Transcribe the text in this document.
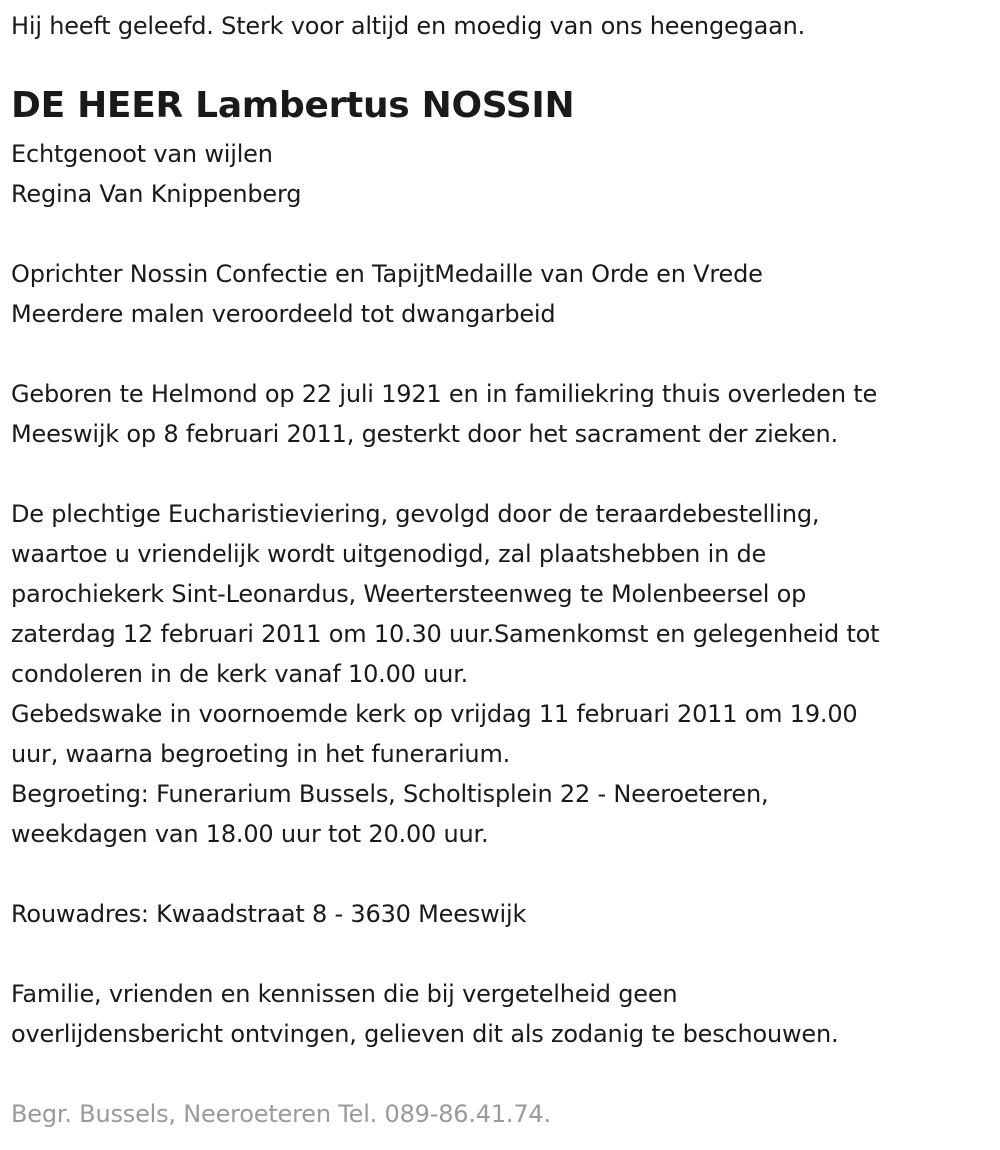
Hij heeft geleefd. Sterk voor altijd en moedig van ons heengegaan.
DE HEER Lambertus NOSSIN
Echtgenoot van wijlen
Regina Van Knippenberg
Oprichter Nossin Confectie en TapijtMedaille van Orde en Vrede
Meerdere malen veroordeeld tot dwangarbeid
Geboren te Helmond op 22 juli 1921 en in familiekring thuis overleden te
Meeswijk op 8 februari 2011, gesterkt door het sacrament der zieken.
De plechtige Eucharistieviering, gevolgd door de teraardebestelling,
waartoe u vriendelijk wordt uitgenodigd, zal plaatshebben in de
parochiekerk Sint-Leonardus, Weertersteenweg te Molenbeersel op
zaterdag 12 februari 2011 om 10.30 uur.Samenkomst en gelegenheid tot
condoleren in de kerk vanaf 10.00 uur.
Gebedswake in voornoemde kerk op vrijdag 11 februari 2011 om 19.00
uur, waarna begroeting in het funerarium.
Begroeting: Funerarium Bussels, Scholtisplein 22 - Neeroeteren,
weekdagen van 18.00 uur tot 20.00 uur.
Rouwadres: Kwaadstraat 8 - 3630 Meeswijk
Familie, vrienden en kennissen die bij vergetelheid geen
overlijdensbericht ontvingen, gelieven dit als zodanig te beschouwen.
Begr. Bussels, Neeroeteren Tel. 089-86.41.74.
